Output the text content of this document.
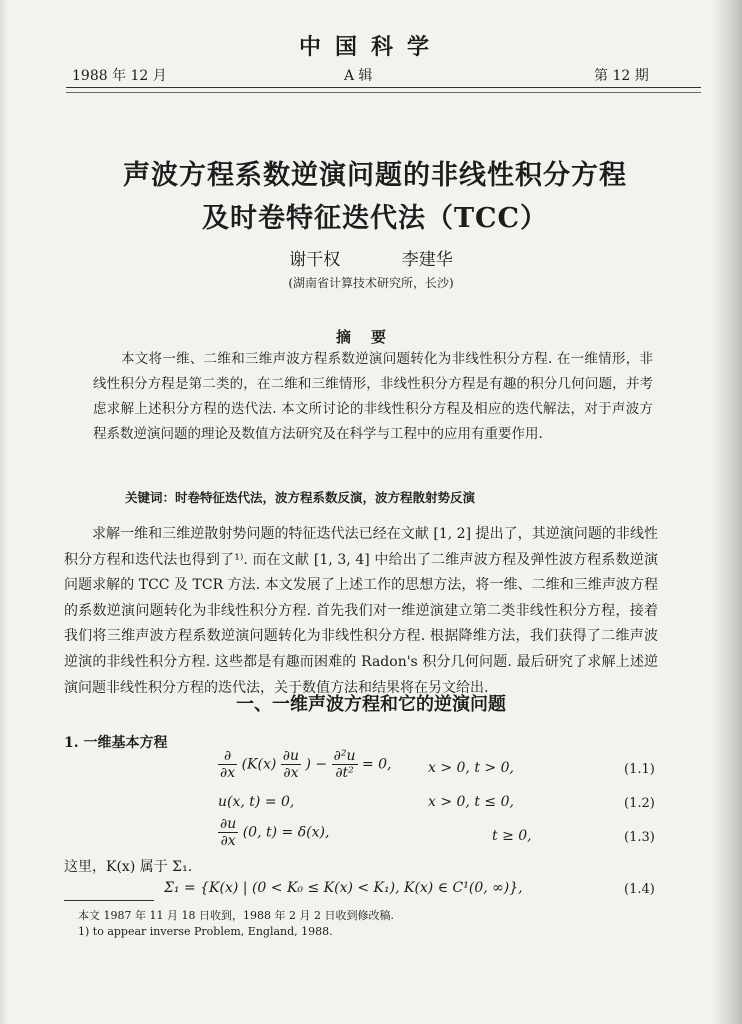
中国科学
1988 年 12 月	A 辑	第 12 期
声波方程系数逆演问题的非线性积分方程
及时卷特征迭代法（TCC）
谢干权	李建华
(湖南省计算技术研究所，长沙)
摘要
本文将一维、二维和三维声波方程系数逆演问题转化为非线性积分方程. 在一维情形，非线性积分方程是第二类的，在二维和三维情形，非线性积分方程是有趣的积分几何问题，并考虑求解上述积分方程的迭代法. 本文所讨论的非线性积分方程及相应的迭代解法，对于声波方程系数逆演问题的理论及数值方法研究及在科学与工程中的应用有重要作用.
关键词：时卷特征迭代法，波方程系数反演，波方程散射势反演
求解一维和三维逆散射势问题的特征迭代法已经在文献 [1, 2] 提出了，其逆演问题的非线性积分方程和迭代法也得到了¹⁾. 而在文献 [1, 3, 4] 中给出了二维声波方程及弹性波方程系数逆演问题求解的 TCC 及 TCR 方法. 本文发展了上述工作的思想方法，将一维、二维和三维声波方程的系数逆演问题转化为非线性积分方程. 首先我们对一维逆演建立第二类非线性积分方程，接着我们将三维声波方程系数逆演问题转化为非线性积分方程. 根据降维方法，我们获得了二维声波逆演的非线性积分方程. 这些都是有趣而困难的 Radon's 积分几何问题. 最后研究了求解上述逆演问题非线性积分方程的迭代法，关于数值方法和结果将在另文给出.
一、一维声波方程和它的逆演问题
1. 一维基本方程
$\frac{\partial}{\partial x} (K(x) \frac{\partial u}{\partial x}$ ) − $\frac{\text{∂²u}}{\text{∂t²}} = 0$,	x > 0, t > 0,	(1.1)
u(x, t) = 0,	x > 0, t ≤ 0,	(1.2)
$\frac{\partial u}{\partial x} (0$, t) = δ(x),	t ≥ 0,	(1.3)
这里，K(x) 属于 Σ₁.
Σ₁ = {K(x) | (0 < K₀ ≤ K(x) < K₁), K(x) ∈ C¹(0, ∞)},	(1.4)
本文 1987 年 11 月 18 日收到，1988 年 2 月 2 日收到修改稿.
1) to appear inverse Problem, England, 1988.
